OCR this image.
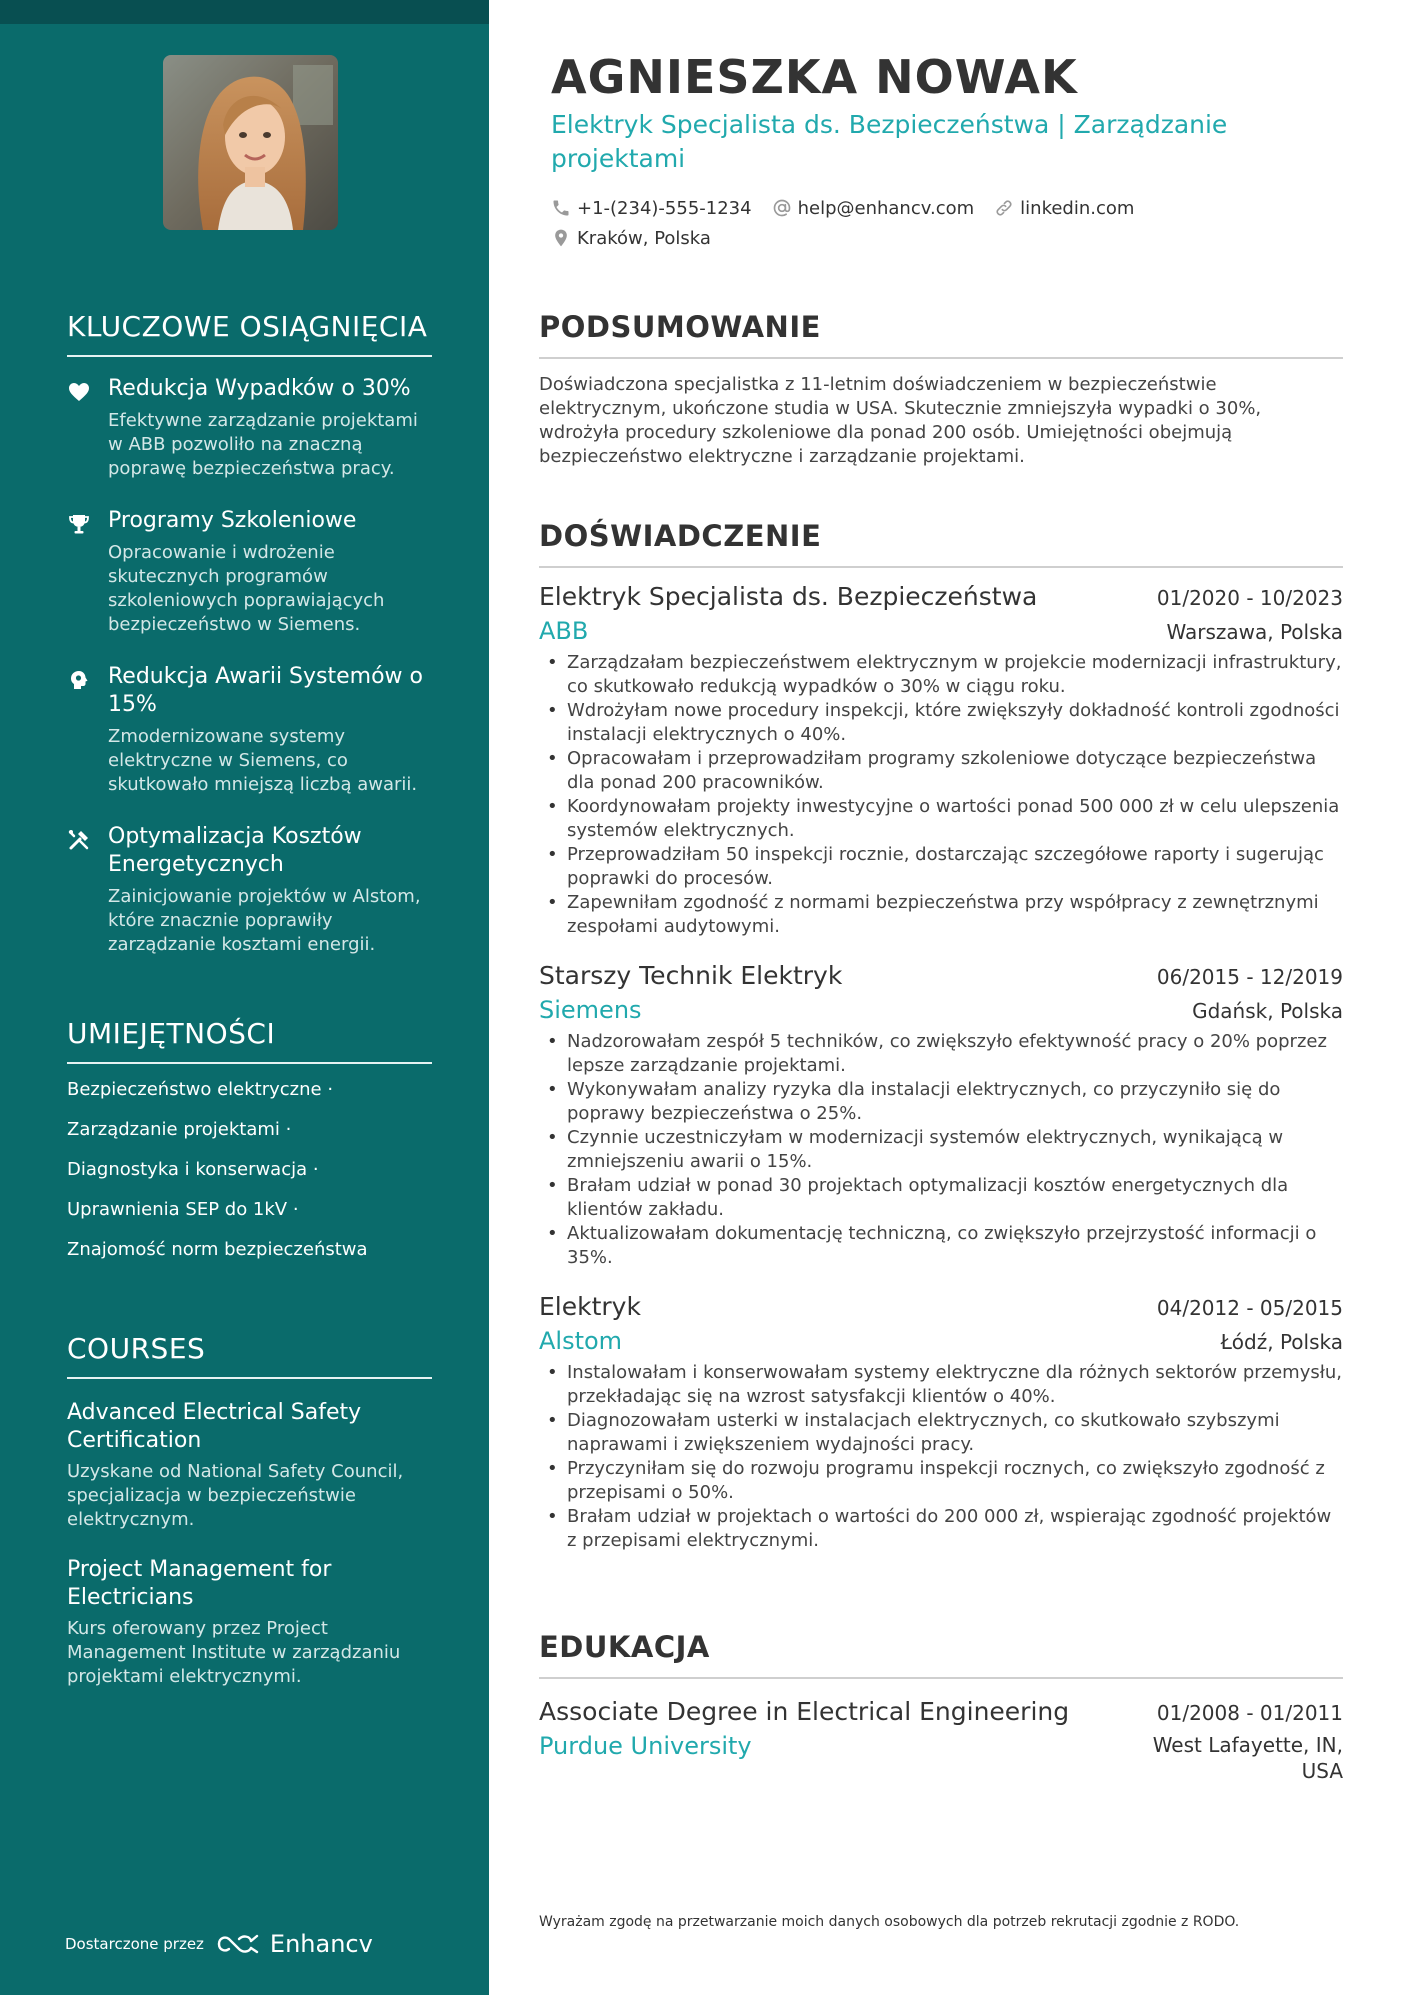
KLUCZOWE OSIĄGNIĘCIA
Redukcja Wypadków o 30%
Efektywne zarządzanie projektami w ABB pozwoliło na znaczną poprawę bezpieczeństwa pracy.
Programy Szkoleniowe
Opracowanie i wdrożenie skutecznych programów szkoleniowych poprawiających bezpieczeństwo w Siemens.
Redukcja Awarii Systemów o 15%
Zmodernizowane systemy elektryczne w Siemens, co skutkowało mniejszą liczbą awarii.
Optymalizacja Kosztów Energetycznych
Zainicjowanie projektów w Alstom, które znacznie poprawiły zarządzanie kosztami energii.
UMIEJĘTNOŚCI
Bezpieczeństwo elektryczne ·
Zarządzanie projektami ·
Diagnostyka i konserwacja ·
Uprawnienia SEP do 1kV ·
Znajomość norm bezpieczeństwa
COURSES
Advanced Electrical Safety Certification
Uzyskane od National Safety Council, specjalizacja w bezpieczeństwie elektrycznym.
Project Management for Electricians
Kurs oferowany przez Project Management Institute w zarządzaniu projektami elektrycznymi.
Dostarczone przez	Enhancv
AGNIESZKA NOWAK
Elektryk Specjalista ds. Bezpieczeństwa | Zarządzanie projektami
+1-(234)-555-1234	help@enhancv.com	linkedin.com
Kraków, Polska
PODSUMOWANIE

Doświadczona specjalistka z 11-letnim doświadczeniem w bezpieczeństwie elektrycznym, ukończone studia w USA. Skutecznie zmniejszyła wypadki o 30%, wdrożyła procedury szkoleniowe dla ponad 200 osób. Umiejętności obejmują bezpieczeństwo elektryczne i zarządzanie projektami.

DOŚWIADCZENIE
Elektryk Specjalista ds. Bezpieczeństwa	01/2020 - 10/2023
ABB	Warszawa, Polska
• Zarządzałam bezpieczeństwem elektrycznym w projekcie modernizacji infrastruktury, co skutkowało redukcją wypadków o 30% w ciągu roku.
• Wdrożyłam nowe procedury inspekcji, które zwiększyły dokładność kontroli zgodności instalacji elektrycznych o 40%.
• Opracowałam i przeprowadziłam programy szkoleniowe dotyczące bezpieczeństwa dla ponad 200 pracowników.
• Koordynowałam projekty inwestycyjne o wartości ponad 500 000 zł w celu ulepszenia systemów elektrycznych.
• Przeprowadziłam 50 inspekcji rocznie, dostarczając szczegółowe raporty i sugerując poprawki do procesów.
• Zapewniłam zgodność z normami bezpieczeństwa przy współpracy z zewnętrznymi zespołami audytowymi.
Starszy Technik Elektryk	06/2015 - 12/2019
Siemens	Gdańsk, Polska
• Nadzorowałam zespół 5 techników, co zwiększyło efektywność pracy o 20% poprzez lepsze zarządzanie projektami.
• Wykonywałam analizy ryzyka dla instalacji elektrycznych, co przyczyniło się do poprawy bezpieczeństwa o 25%.
• Czynnie uczestniczyłam w modernizacji systemów elektrycznych, wynikającą w zmniejszeniu awarii o 15%.
• Brałam udział w ponad 30 projektach optymalizacji kosztów energetycznych dla klientów zakładu.
• Aktualizowałam dokumentację techniczną, co zwiększyło przejrzystość informacji o 35%.
Elektryk	04/2012 - 05/2015
Alstom	Łódź, Polska
• Instalowałam i konserwowałam systemy elektryczne dla różnych sektorów przemysłu, przekładając się na wzrost satysfakcji klientów o 40%.
• Diagnozowałam usterki w instalacjach elektrycznych, co skutkowało szybszymi naprawami i zwiększeniem wydajności pracy.
• Przyczyniłam się do rozwoju programu inspekcji rocznych, co zwiększyło zgodność z przepisami o 50%.
• Brałam udział w projektach o wartości do 200 000 zł, wspierając zgodność projektów z przepisami elektrycznymi.
EDUKACJA
Associate Degree in Electrical Engineering	01/2008 - 01/2011
Purdue University	West Lafayette, IN, USA
Wyrażam zgodę na przetwarzanie moich danych osobowych dla potrzeb rekrutacji zgodnie z RODO.
